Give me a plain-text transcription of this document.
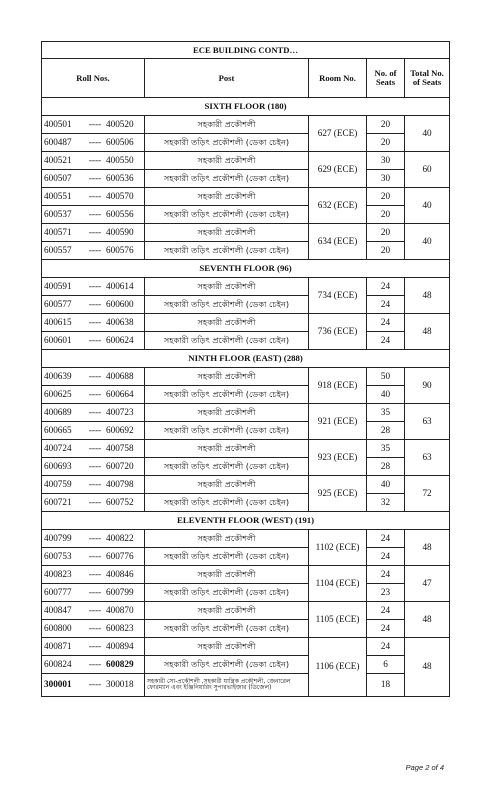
ECE BUILDING CONTD…				
Roll Nos.	Post	Room No.	No. of Seats	Total No. of Seats
SIXTH FLOOR (180)				
400501 ---- 400520	সহকারী প্রকৌশলী	627 (ECE)	20	40
600487 ---- 600506	সহকারী তড়িৎ প্রকৌশলী (ডেকা চেইন)		20	
400521 ---- 400550	সহকারী প্রকৌশলী	629 (ECE)	30	60
600507 ---- 600536	সহকারী তড়িৎ প্রকৌশলী (ডেকা চেইন)		30	
400551 ---- 400570	সহকারী প্রকৌশলী	632 (ECE)	20	40
600537 ---- 600556	সহকারী তড়িৎ প্রকৌশলী (ডেকা চেইন)		20	
400571 ---- 400590	সহকারী প্রকৌশলী	634 (ECE)	20	40
600557 ---- 600576	সহকারী তড়িৎ প্রকৌশলী (ডেকা চেইন)		20	
SEVENTH FLOOR (96)				
400591 ---- 400614	সহকারী প্রকৌশলী	734 (ECE)	24	48
600577 ---- 600600	সহকারী তড়িৎ প্রকৌশলী (ডেকা চেইন)		24	
400615 ---- 400638	সহকারী প্রকৌশলী	736 (ECE)	24	48
600601 ---- 600624	সহকারী তড়িৎ প্রকৌশলী (ডেকা চেইন)		24	
NINTH FLOOR (EAST) (288)				
400639 ---- 400688	সহকারী প্রকৌশলী	918 (ECE)	50	90
600625 ---- 600664	সহকারী তড়িৎ প্রকৌশলী (ডেকা চেইন)		40	
400689 ---- 400723	সহকারী প্রকৌশলী	921 (ECE)	35	63
600665 ---- 600692	সহকারী তড়িৎ প্রকৌশলী (ডেকা চেইন)		28	
400724 ---- 400758	সহকারী প্রকৌশলী	923 (ECE)	35	63
600693 ---- 600720	সহকারী তড়িৎ প্রকৌশলী (ডেকা চেইন)		28	
400759 ---- 400798	সহকারী প্রকৌশলী	925 (ECE)	40	72
600721 ---- 600752	সহকারী তড়িৎ প্রকৌশলী (ডেকা চেইন)		32	
ELEVENTH FLOOR (WEST) (191)				
400799 ---- 400822	সহকারী প্রকৌশলী	1102 (ECE)	24	48
600753 ---- 600776	সহকারী তড়িৎ প্রকৌশলী (ডেকা চেইন)		24	
400823 ---- 400846	সহকারী প্রকৌশলী	1104 (ECE)	24	47
600777 ---- 600799	সহকারী তড়িৎ প্রকৌশলী (ডেকা চেইন)		23	
400847 ---- 400870	সহকারী প্রকৌশলী	1105 (ECE)	24	48
600800 ---- 600823	সহকারী তড়িৎ প্রকৌশলী (ডেকা চেইন)		24	
400871 ---- 400894	সহকারী প্রকৌশলী	1106 (ECE)	24	48
600824 ---- 600829	সহকারী তড়িৎ প্রকৌশলী (ডেকা চেইন)		6	
300001 ---- 300018	সহকারী সো-প্রকৌশলী ,সহকারী যান্ত্রিক প্রকৌশলী, জেনারেল ফোরম্যান এবং ইঞ্জিনিয়ারিং সুপারভাইজার (ডিজেল)		18	
Page 2 of 4
